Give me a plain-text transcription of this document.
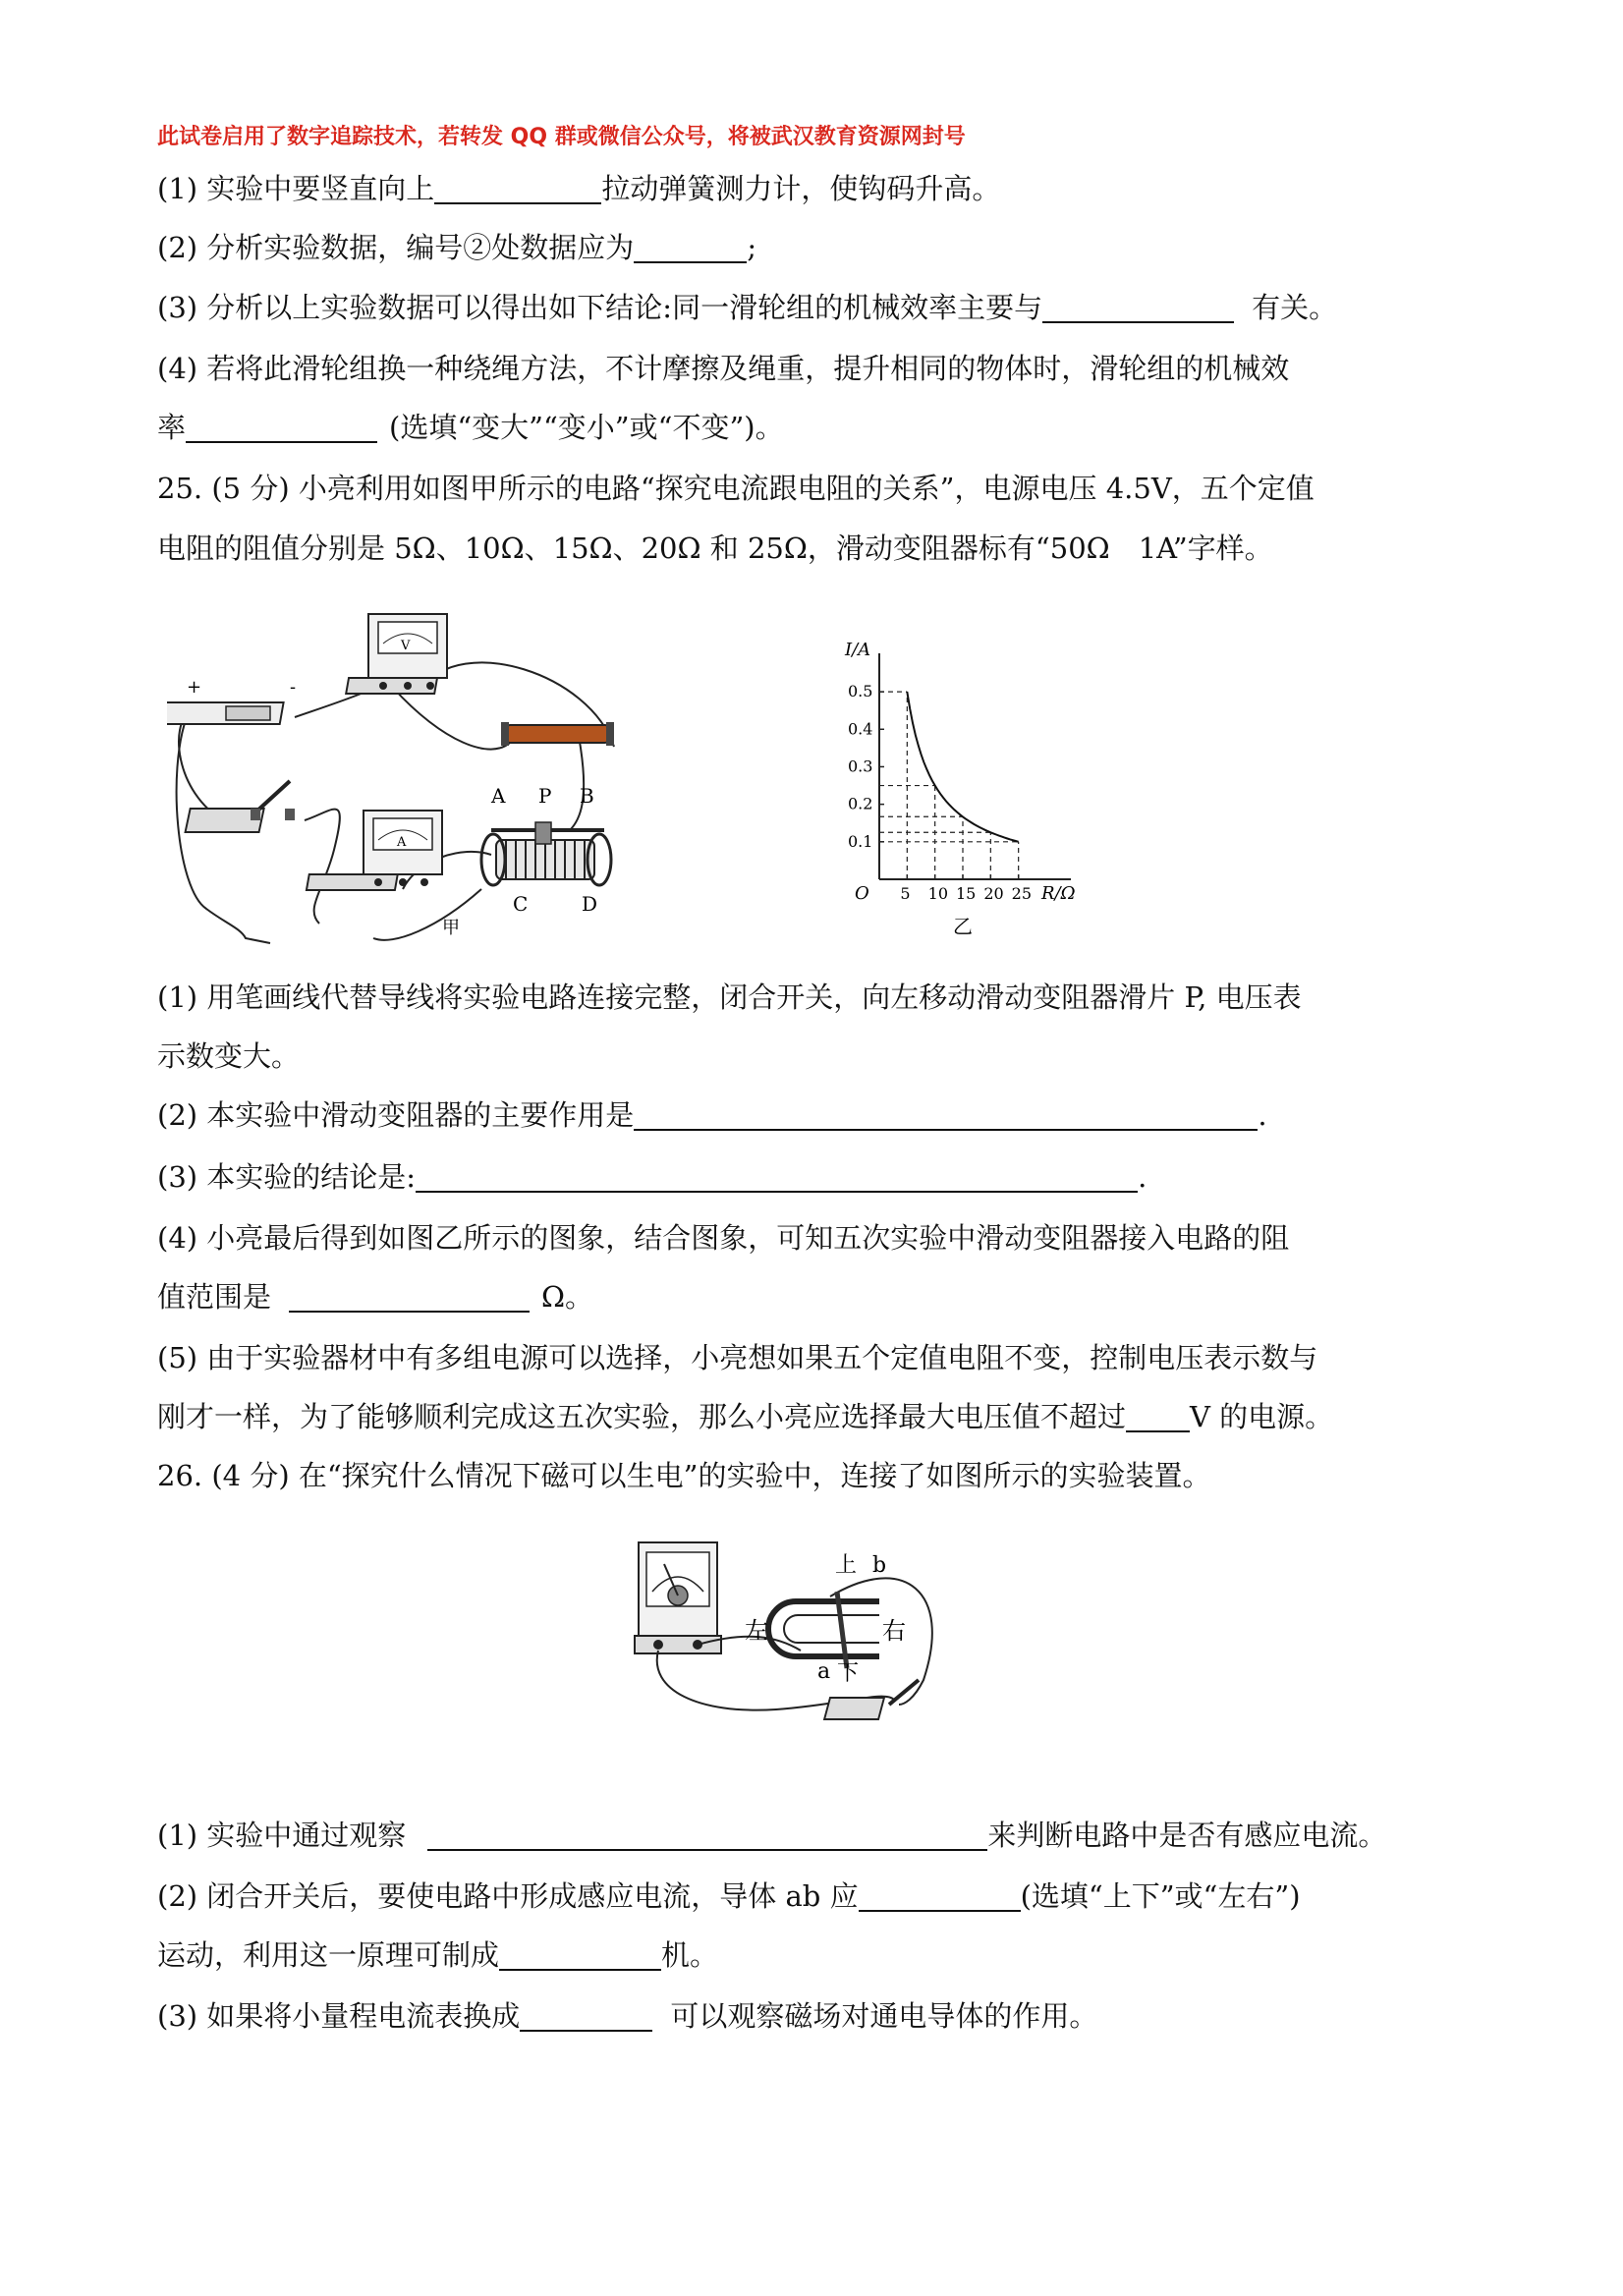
此试卷启用了数字追踪技术，若转发 QQ 群或微信公众号，将被武汉教育资源网封号
(1) 实验中要竖直向上	拉动弹簧测力计，使钩码升高。
(2) 分析实验数据，编号②处数据应为	;
(3) 分析以上实验数据可以得出如下结论:同一滑轮组的机械效率主要与	有关。
(4) 若将此滑轮组换一种绕绳方法，不计摩擦及绳重，提升相同的物体时，滑轮组的机械效
率	(选填“变大”“变小”或“不变”)。
25. (5 分) 小亮利用如图甲所示的电路“探究电流跟电阻的关系”，电源电压 4.5V，五个定值
电阻的阻值分别是 5Ω、10Ω、15Ω、20Ω 和 25Ω，滑动变阻器标有“50Ω　1A”字样。
+	-
V
A
A P B
C	D
甲
I/A
R/Ω
O 5 10 15 20 25
0.1
0.2
0.3
0.4
0.5
乙
(1) 用笔画线代替导线将实验电路连接完整，闭合开关，向左移动滑动变阻器滑片 P, 电压表
示数变大。
(2) 本实验中滑动变阻器的主要作用是	.
(3) 本实验的结论是:	.
(4) 小亮最后得到如图乙所示的图象，结合图象，可知五次实验中滑动变阻器接入电路的阻
值范围是	Ω。
(5) 由于实验器材中有多组电源可以选择，小亮想如果五个定值电阻不变，控制电压表示数与
刚才一样，为了能够顺利完成这五次实验，那么小亮应选择最大电压值不超过 V 的电源。
26. (4 分) 在“探究什么情况下磁可以生电”的实验中，连接了如图所示的实验装置。
上
下
左	右
b
a
(1) 实验中通过观察	来判断电路中是否有感应电流。
(2) 闭合开关后，要使电路中形成感应电流，导体 ab 应	(选填“上下”或“左右”)
运动，利用这一原理可制成	机。
(3) 如果将小量程电流表换成	可以观察磁场对通电导体的作用。
